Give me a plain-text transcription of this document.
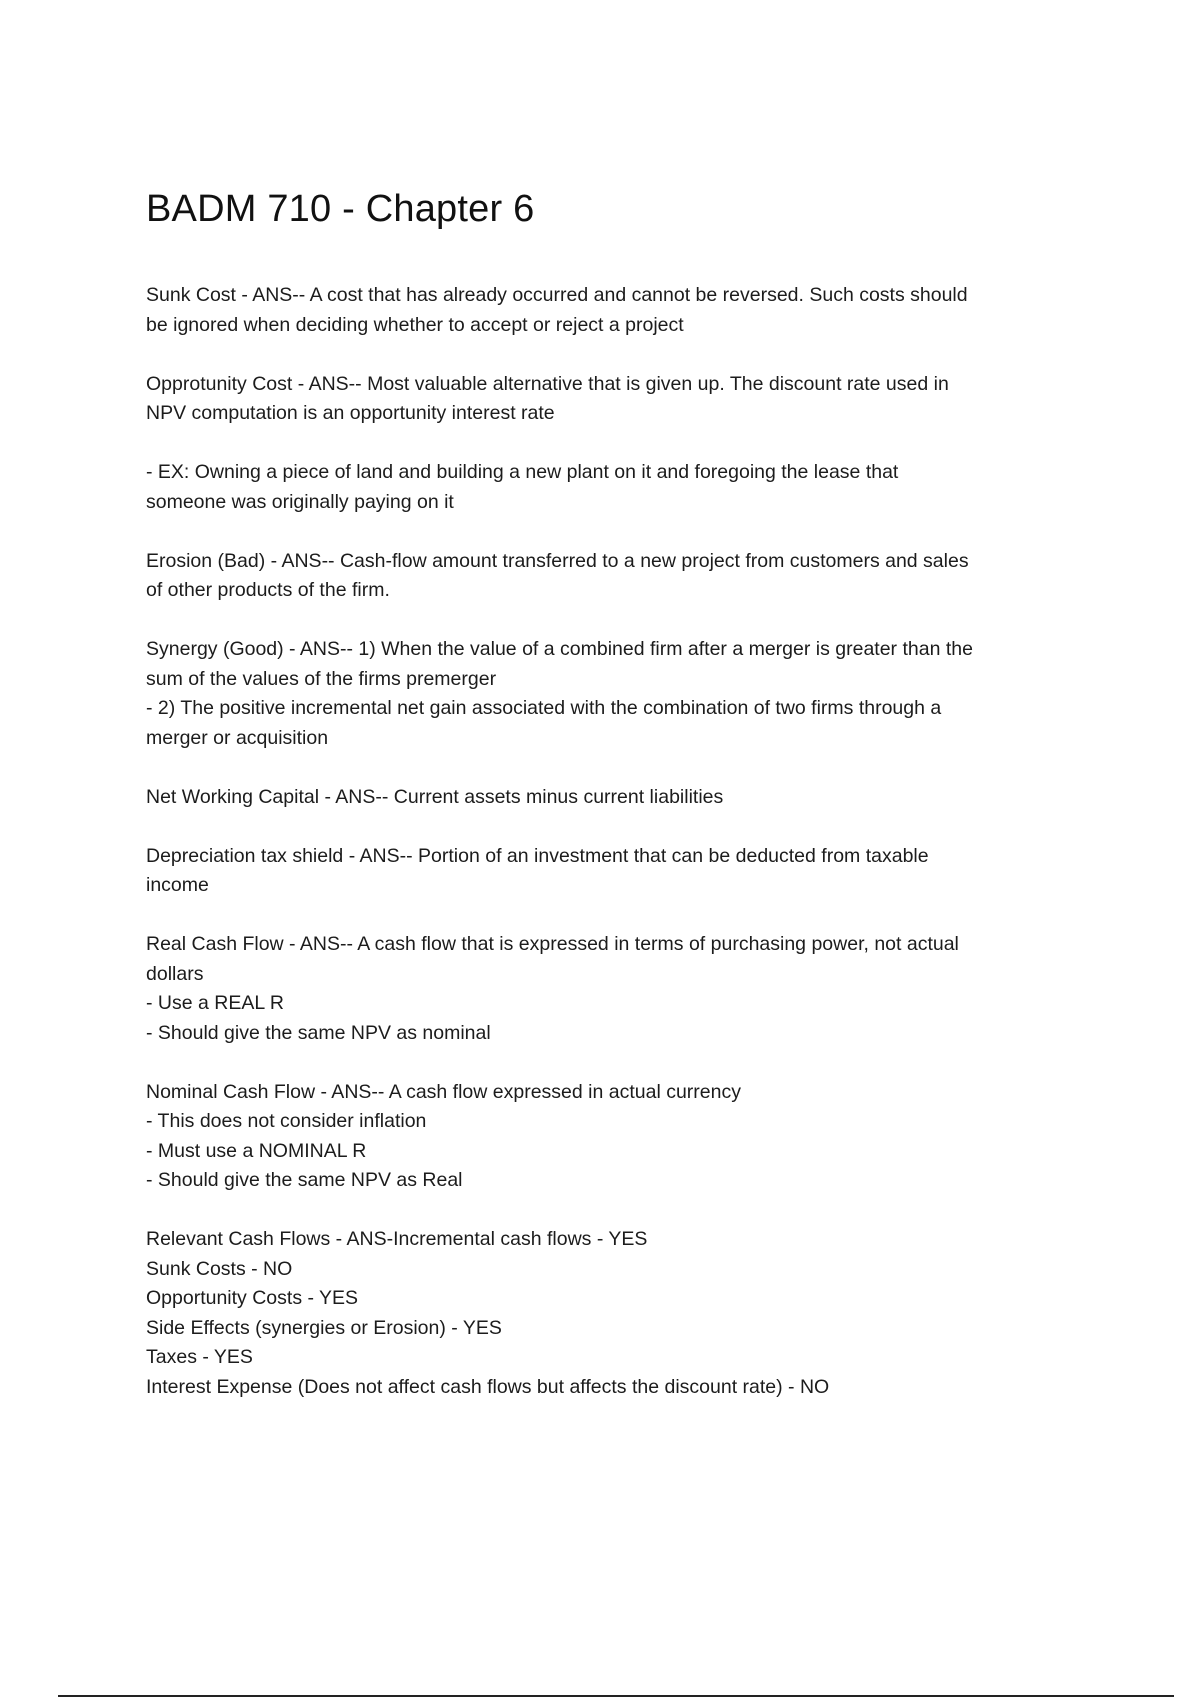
BADM 710 - Chapter 6
Sunk Cost - ANS-- A cost that has already occurred and cannot be reversed. Such costs should
be ignored when deciding whether to accept or reject a project
Opprotunity Cost - ANS-- Most valuable alternative that is given up. The discount rate used in
NPV computation is an opportunity interest rate
- EX: Owning a piece of land and building a new plant on it and foregoing the lease that
someone was originally paying on it
Erosion (Bad) - ANS-- Cash-flow amount transferred to a new project from customers and sales
of other products of the firm.
Synergy (Good) - ANS-- 1) When the value of a combined firm after a merger is greater than the
sum of the values of the firms premerger
- 2) The positive incremental net gain associated with the combination of two firms through a
merger or acquisition
Net Working Capital - ANS-- Current assets minus current liabilities
Depreciation tax shield - ANS-- Portion of an investment that can be deducted from taxable
income
Real Cash Flow - ANS-- A cash flow that is expressed in terms of purchasing power, not actual
dollars
- Use a REAL R
- Should give the same NPV as nominal
Nominal Cash Flow - ANS-- A cash flow expressed in actual currency
- This does not consider inflation
- Must use a NOMINAL R
- Should give the same NPV as Real
Relevant Cash Flows - ANS-Incremental cash flows - YES
Sunk Costs - NO
Opportunity Costs - YES
Side Effects (synergies or Erosion) - YES
Taxes - YES
Interest Expense (Does not affect cash flows but affects the discount rate) - NO
